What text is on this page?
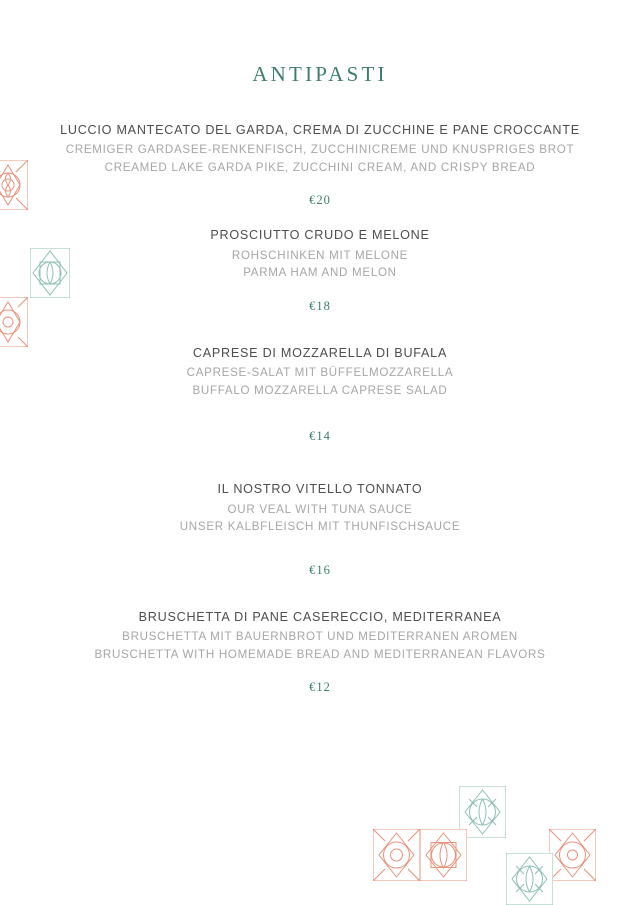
ANTIPASTI

LUCCIO MANTECATO DEL GARDA, CREMA DI ZUCCHINE E PANE CROCCANTE

CREMIGER GARDASEE-RENKENFISCH, ZUCCHINICREME UND KNUSPRIGES BROT

CREAMED LAKE GARDA PIKE, ZUCCHINI CREAM, AND CRISPY BREAD

€20

PROSCIUTTO CRUDO E MELONE

ROHSCHINKEN MIT MELONE

PARMA HAM AND MELON

€18

CAPRESE DI MOZZARELLA DI BUFALA

CAPRESE-SALAT MIT BÜFFELMOZZARELLA

BUFFALO MOZZARELLA CAPRESE SALAD

€14

IL NOSTRO VITELLO TONNATO

OUR VEAL WITH TUNA SAUCE

UNSER KALBFLEISCH MIT THUNFISCHSAUCE

€16

BRUSCHETTA DI PANE CASERECCIO, MEDITERRANEA

BRUSCHETTA MIT BAUERNBROT UND MEDITERRANEN AROMEN

BRUSCHETTA WITH HOMEMADE BREAD AND MEDITERRANEAN FLAVORS

€12
